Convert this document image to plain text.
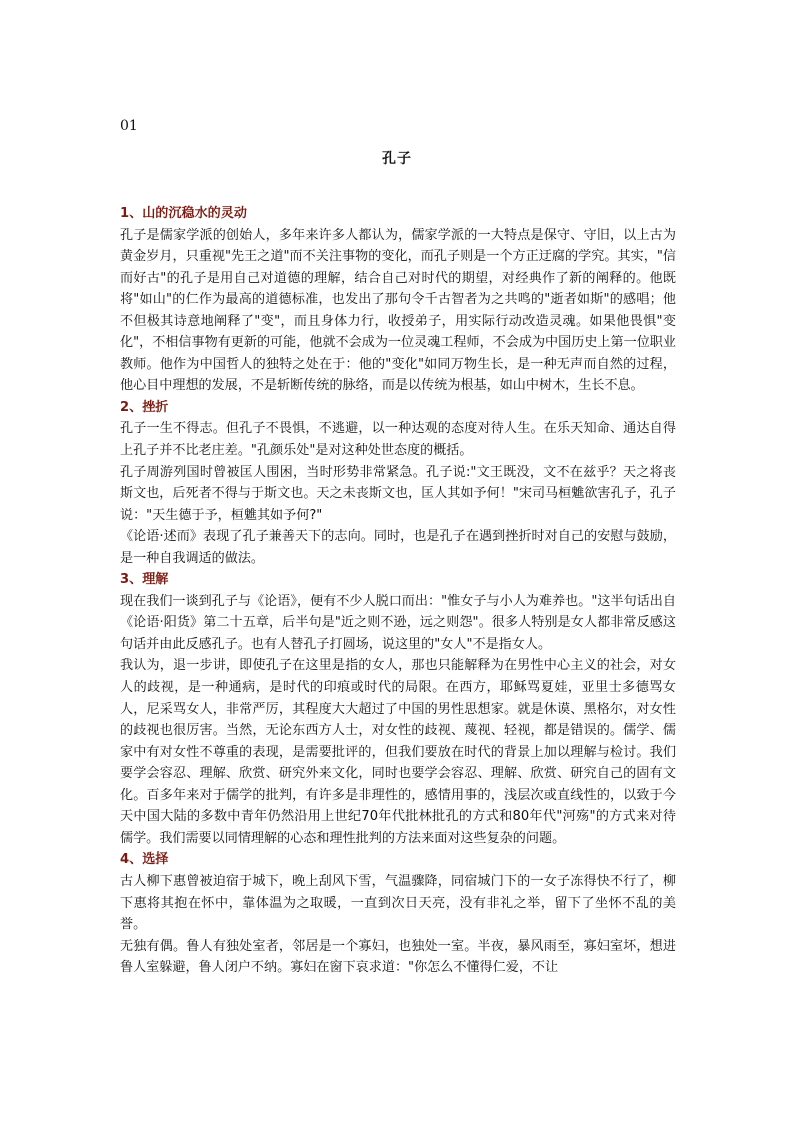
01
孔子

1、山的沉稳水的灵动

孔子是儒家学派的创始人，多年来许多人都认为，儒家学派的一大特点是保守、守旧，以上古为黄金岁月，只重视"先王之道"而不关注事物的变化，而孔子则是一个方正迂腐的学究。其实，"信而好古"的孔子是用自己对道德的理解，结合自己对时代的期望，对经典作了新的阐释的。他既将"如山"的仁作为最高的道德标准，也发出了那句令千古智者为之共鸣的"逝者如斯"的感唱；他不但极其诗意地阐释了"变"，而且身体力行，收授弟子，用实际行动改造灵魂。如果他畏惧"变化"，不相信事物有更新的可能，他就不会成为一位灵魂工程师，不会成为中国历史上第一位职业教师。他作为中国哲人的独特之处在于：他的"变化"如同万物生长，是一种无声而自然的过程，他心目中理想的发展，不是斩断传统的脉络，而是以传统为根基，如山中树木，生长不息。

2、挫折

孔子一生不得志。但孔子不畏惧，不逃避，以一种达观的态度对待人生。在乐天知命、通达自得上孔子并不比老庄差。"孔颜乐处"是对这种处世态度的概括。

孔子周游列国时曾被匡人围困，当时形势非常紧急。孔子说:"文王既没，文不在兹乎？天之将丧斯文也，后死者不得与于斯文也。天之未丧斯文也，匡人其如予何！"宋司马桓魋欲害孔子，孔子说："天生德于予，桓魋其如予何?"

《论语·述而》表现了孔子兼善天下的志向。同时，也是孔子在遇到挫折时对自己的安慰与鼓励，是一种自我调适的做法。

3、理解

现在我们一谈到孔子与《论语》，便有不少人脱口而出："惟女子与小人为难养也。"这半句话出自《论语·阳货》第二十五章，后半句是"近之则不逊，远之则怨"。很多人特别是女人都非常反感这句话并由此反感孔子。也有人替孔子打圆场，说这里的"女人"不是指女人。

我认为，退一步讲，即使孔子在这里是指的女人，那也只能解释为在男性中心主义的社会，对女人的歧视，是一种通病，是时代的印痕或时代的局限。在西方，耶稣骂夏娃，亚里士多德骂女人，尼采骂女人，非常严厉，其程度大大超过了中国的男性思想家。就是休谟、黑格尔，对女性的歧视也很厉害。当然，无论东西方人士，对女性的歧视、蔑视、轻视，都是错误的。儒学、儒家中有对女性不尊重的表现，是需要批评的，但我们要放在时代的背景上加以理解与检讨。我们要学会容忍、理解、欣赏、研究外来文化，同时也要学会容忍、理解、欣赏、研究自己的固有文化。百多年来对于儒学的批判，有许多是非理性的，感情用事的，浅层次或直线性的，以致于今天中国大陆的多数中青年仍然沿用上世纪70年代批林批孔的方式和80年代"河殇"的方式来对待儒学。我们需要以同情理解的心态和理性批判的方法来面对这些复杂的问题。

4、选择

古人柳下惠曾被迫宿于城下，晚上刮风下雪，气温骤降，同宿城门下的一女子冻得快不行了，柳下惠将其抱在怀中，靠体温为之取暖，一直到次日天亮，没有非礼之举，留下了坐怀不乱的美誉。

无独有偶。鲁人有独处室者，邻居是一个寡妇，也独处一室。半夜，暴风雨至，寡妇室坏，想进鲁人室躲避，鲁人闭户不纳。寡妇在窗下哀求道："你怎么不懂得仁爱，不让
